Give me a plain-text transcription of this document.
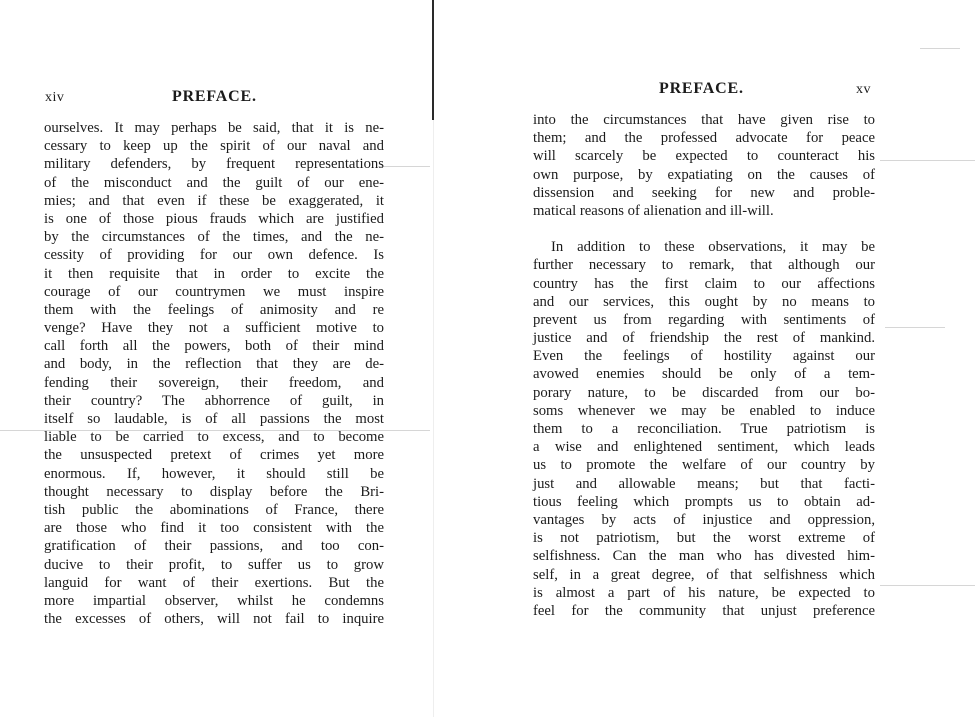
xiv	PREFACE.
ourselves. It may perhaps be said, that it is ne-
cessary to keep up the spirit of our naval and
military defenders, by frequent representations
of the misconduct and the guilt of our ene-
mies; and that even if these be exaggerated, it
is one of those pious frauds which are justified
by the circumstances of the times, and the ne-
cessity of providing for our own defence. Is
it then requisite that in order to excite the
courage of our countrymen we must inspire
them with the feelings of animosity and re
venge? Have they not a sufficient motive to
call forth all the powers, both of their mind
and body, in the reflection that they are de-
fending their sovereign, their freedom, and
their country? The abhorrence of guilt, in
itself so laudable, is of all passions the most
liable to be carried to excess, and to become
the unsuspected pretext of crimes yet more
enormous. If, however, it should still be
thought necessary to display before the Bri-
tish public the abominations of France, there
are those who find it too consistent with the
gratification of their passions, and too con-
ducive to their profit, to suffer us to grow
languid for want of their exertions. But the
more impartial observer, whilst he condemns
the excesses of others, will not fail to inquire
PREFACE.	xv
into the circumstances that have given rise to
them; and the professed advocate for peace
will scarcely be expected to counteract his
own purpose, by expatiating on the causes of
dissension and seeking for new and proble-
matical reasons of alienation and ill-will.
In addition to these observations, it may be
further necessary to remark, that although our
country has the first claim to our affections
and our services, this ought by no means to
prevent us from regarding with sentiments of
justice and of friendship the rest of mankind.
Even the feelings of hostility against our
avowed enemies should be only of a tem-
porary nature, to be discarded from our bo-
soms whenever we may be enabled to induce
them to a reconciliation. True patriotism is
a wise and enlightened sentiment, which leads
us to promote the welfare of our country by
just and allowable means; but that facti-
tious feeling which prompts us to obtain ad-
vantages by acts of injustice and oppression,
is not patriotism, but the worst extreme of
selfishness. Can the man who has divested him-
self, in a great degree, of that selfishness which
is almost a part of his nature, be expected to
feel for the community that unjust preference
